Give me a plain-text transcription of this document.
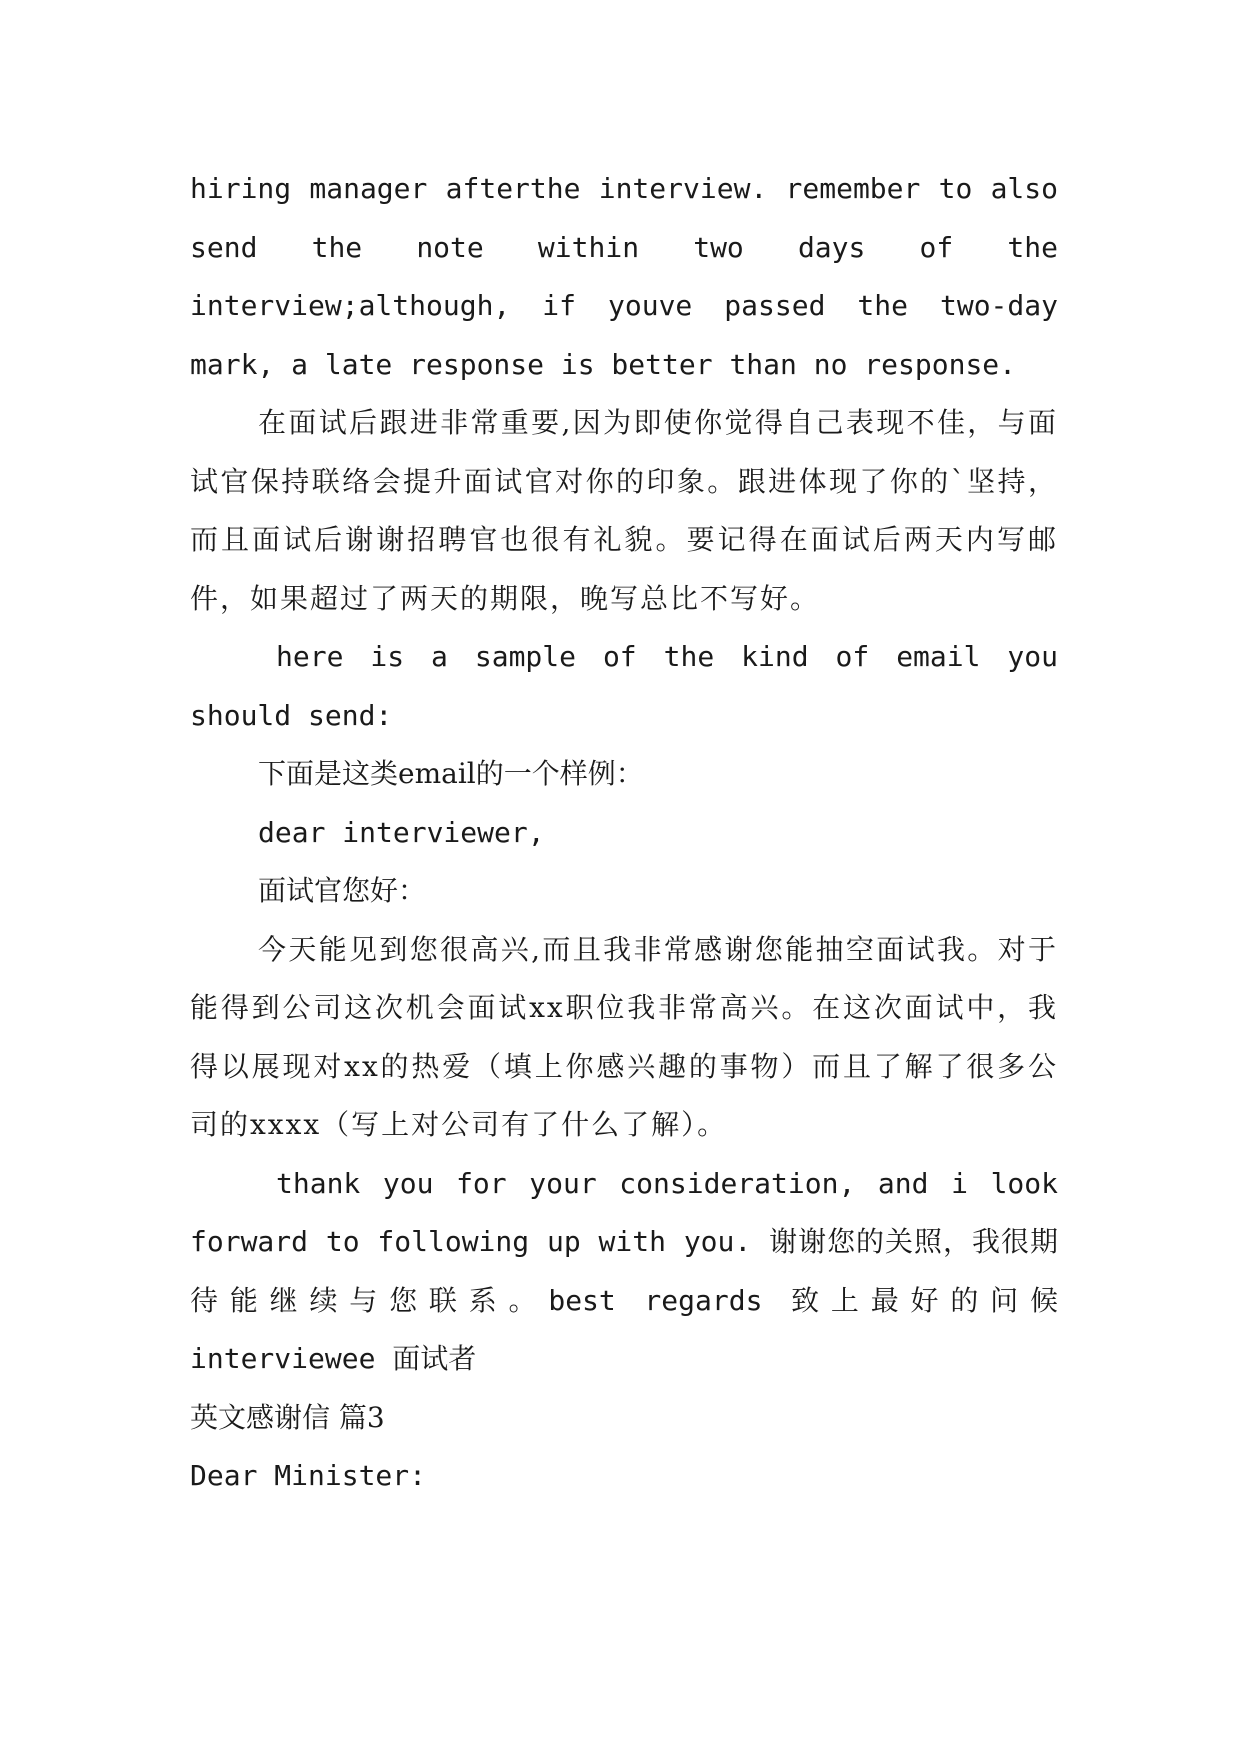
hiring manager afterthe interview. remember to also
send the note within two days of the
interview;although, if youve passed the two-day
mark, a late response is better than no response.

在面试后跟进非常重要,因为即使你觉得自己表现不佳，与面试官保持联络会提升面试官对你的印象。跟进体现了你的`坚持，而且面试后谢谢招聘官也很有礼貌。要记得在面试后两天内写邮件，如果超过了两天的期限，晚写总比不写好。

here is a sample of the kind of email you should send:

下面是这类email的一个样例：

dear interviewer,

面试官您好：

今天能见到您很高兴,而且我非常感谢您能抽空面试我。对于能得到公司这次机会面试xx职位我非常高兴。在这次面试中，我得以展现对xx的热爱（填上你感兴趣的事物）而且了解了很多公司的xxxx（写上对公司有了什么了解）。

thank you for your consideration, and i look forward to following up with you. 谢谢您的关照，我很期待能继续与您联系。best regards 致上最好的问候 interviewee 面试者

英文感谢信 篇3

Dear Minister:
